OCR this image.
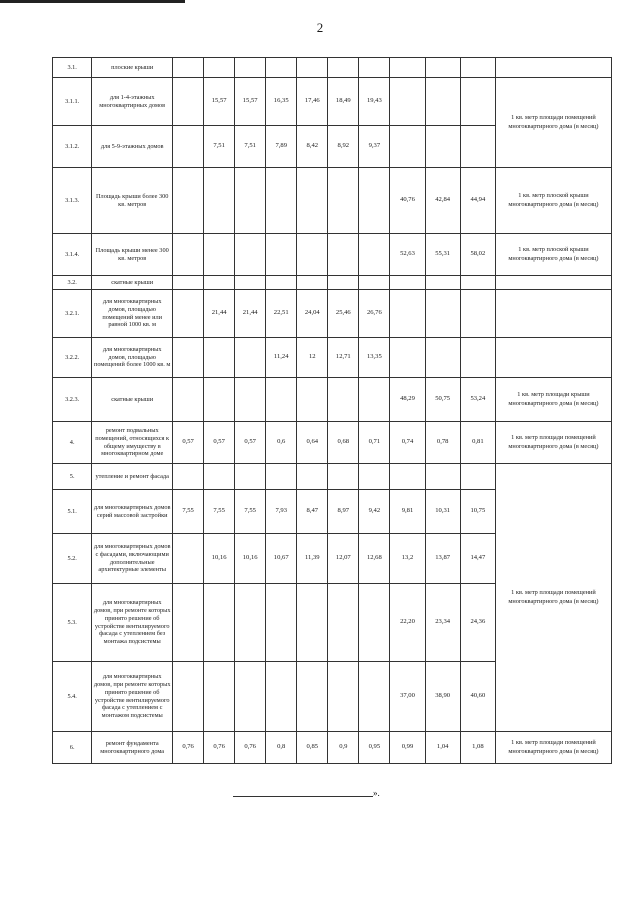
2
3.1.	плоские крыши											
3.1.1.	для 1-4-этажных многоквартирных домов		15,57	15,57	16,35	17,46	18,49	19,43				1 кв. метр площади помещений многоквартирного дома (в месяц)
3.1.2.	для 5-9-этажных домов		7,51	7,51	7,89	8,42	8,92	9,37				
3.1.3.	Площадь крыши более 300 кв. метров								40,76	42,84	44,94	1 кв. метр плоской крыши многоквартирного дома (в месяц)
3.1.4.	Площадь крыши менее 300 кв. метров								52,63	55,31	58,02	1 кв. метр плоской крыши многоквартирного дома (в месяц)
3.2.	скатные крыши											
3.2.1.	для многоквартирных домов, площадью помещений менее или равной 1000 кв. м		21,44	21,44	22,51	24,04	25,46	26,76				
3.2.2.	для многоквартирных домов, площадью помещений более 1000 кв. м				11,24	12	12,71	13,35				
3.2.3.	скатные крыши								48,29	50,75	53,24	1 кв. метр площади крыши многоквартирного дома (в месяц)
4.	ремонт подвальных помещений, относящихся к общему имуществу в многоквартирном доме	0,57	0,57	0,57	0,6	0,64	0,68	0,71	0,74	0,78	0,81	1 кв. метр площади помещений многоквартирного дома (в месяц)
5.	утепление и ремонт фасада											1 кв. метр площади помещений многоквартирного дома (в месяц)
5.1.	для многоквартирных домов серий массовой застройки	7,55	7,55	7,55	7,93	8,47	8,97	9,42	9,81	10,31	10,75	
5.2.	для многоквартирных домов с фасадами, включающими дополнительные архитектурные элементы		10,16	10,16	10,67	11,39	12,07	12,68	13,2	13,87	14,47	
5.3.	для многоквартирных домов, при ремонте которых принято решение об устройстве вентилируемого фасада с утеплением без монтажа подсистемы								22,20	23,34	24,36	
5.4.	для многоквартирных домов, при ремонте которых принято решение об устройстве вентилируемого фасада с утеплением с монтажом подсистемы								37,00	38,90	40,60	
6.	ремонт фундамента многоквартирного дома	0,76	0,76	0,76	0,8	0,85	0,9	0,95	0,99	1,04	1,08	1 кв. метр площади помещений многоквартирного дома (в месяц)
».
